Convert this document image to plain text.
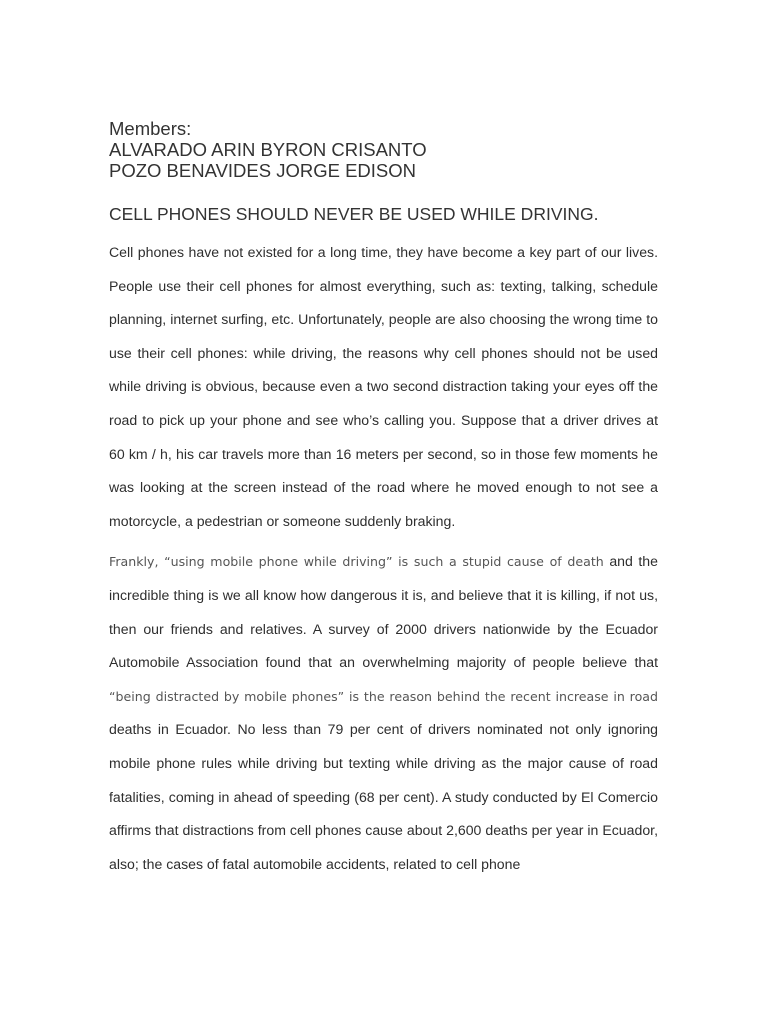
Members:
ALVARADO ARIN BYRON CRISANTO
POZO BENAVIDES JORGE EDISON
CELL PHONES SHOULD NEVER BE USED WHILE DRIVING.

Cell phones have not existed for a long time, they have become a key part of our lives. People use their cell phones for almost everything, such as: texting, talking, schedule planning, internet surfing, etc. Unfortunately, people are also choosing the wrong time to use their cell phones: while driving, the reasons why cell phones should not be used while driving is obvious, because even a two second distraction taking your eyes off the road to pick up your phone and see who’s calling you. Suppose that a driver drives at 60 km / h, his car travels more than 16 meters per second, so in those few moments he was looking at the screen instead of the road where he moved enough to not see a motorcycle, a pedestrian or someone suddenly braking.

Frankly, “using mobile phone while driving” is such a stupid cause of death and the incredible thing is we all know how dangerous it is, and believe that it is killing, if not us, then our friends and relatives. A survey of 2000 drivers nationwide by the Ecuador Automobile Association found that an overwhelming majority of people believe that “being distracted by mobile phones” is the reason behind the recent increase in road deaths in Ecuador. No less than 79 per cent of drivers nominated not only ignoring mobile phone rules while driving but texting while driving as the major cause of road fatalities, coming in ahead of speeding (68 per cent). A study conducted by El Comercio affirms that distractions from cell phones cause about 2,600 deaths per year in Ecuador, also; the cases of fatal automobile accidents, related to cell phone
